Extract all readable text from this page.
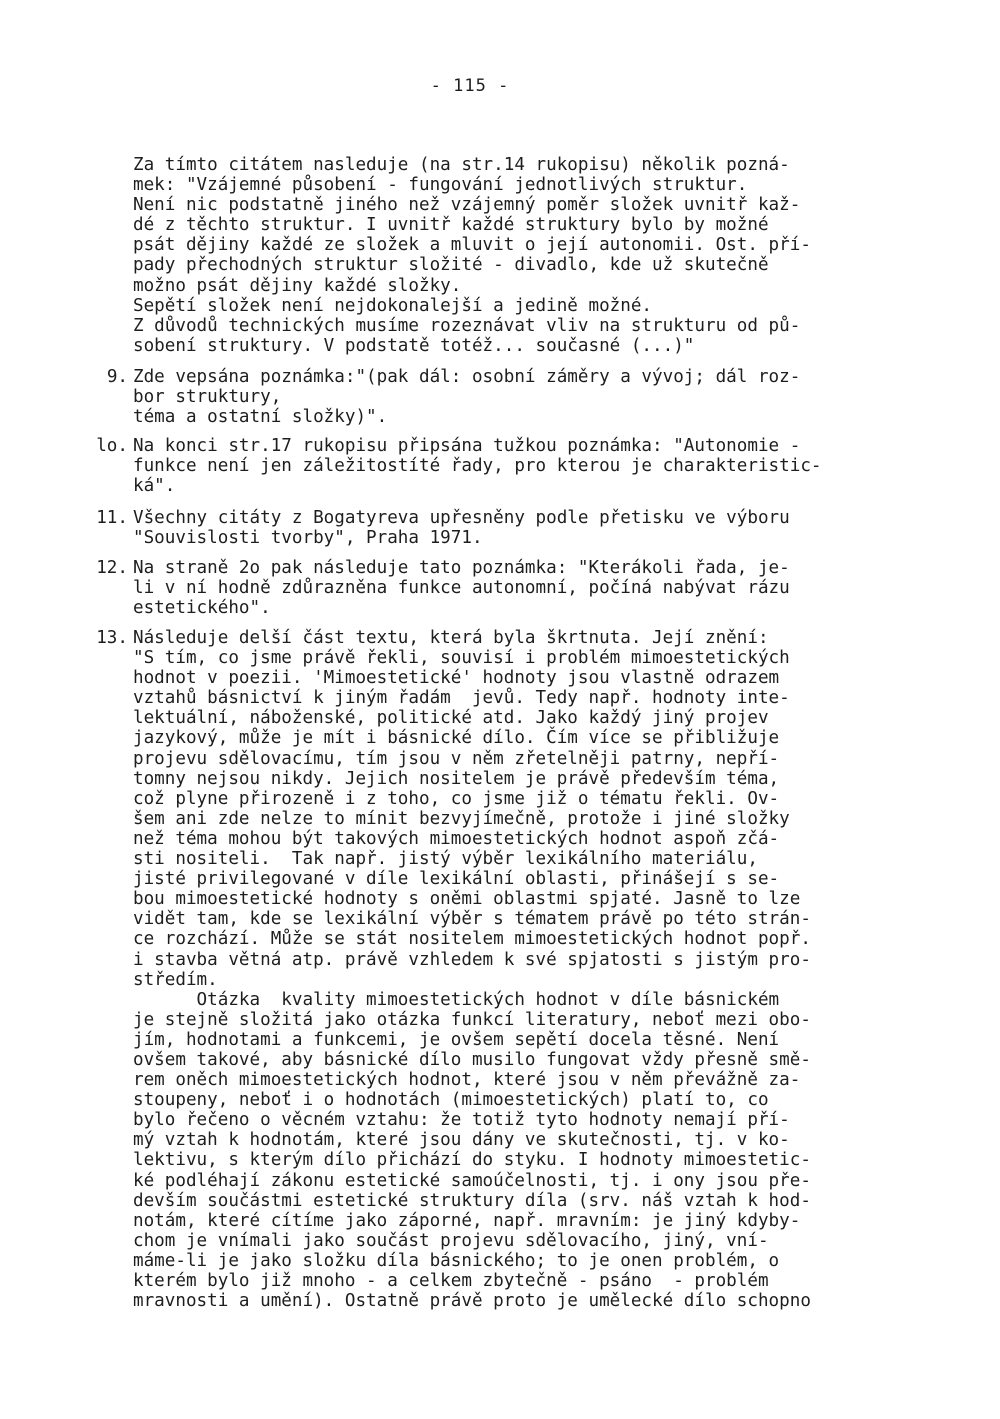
- 115 -
Za tímto citátem nasleduje (na str.14 rukopisu) několik pozná-
mek: "Vzájemné působení - fungování jednotlivých struktur.
Není nic podstatně jiného než vzájemný poměr složek uvnitř kaž-
dé z těchto struktur. I uvnitř každé struktury bylo by možné
psát dějiny každé ze složek a mluvit o její autonomii. Ost. pří-
pady přechodných struktur složité - divadlo, kde už skutečně
možno psát dějiny každé složky.
Sepětí složek není nejdokonalejší a jedině možné.
Z důvodů technických musíme rozeznávat vliv na strukturu od pů-
sobení struktury. V podstatě totéž... současné (...)"
9. Zde vepsána poznámka:"(pak dál: osobní záměry a vývoj; dál roz-
bor struktury,
téma a ostatní složky)".
lo. Na konci str.17 rukopisu připsána tužkou poznámka: "Autonomie -
funkce není jen záležitostíté řady, pro kterou je charakteristic-
ká".
11. Všechny citáty z Bogatyreva upřesněny podle přetisku ve výboru
"Souvislosti tvorby", Praha 1971.
12. Na straně 2o pak následuje tato poznámka: "Kterákoli řada, je-
li v ní hodně zdůrazněna funkce autonomní, počíná nabývat rázu
estetického".
13. Následuje delší část textu, která byla škrtnuta. Její znění:
"S tím, co jsme právě řekli, souvisí i problém mimoestetických
hodnot v poezii. 'Mimoestetické' hodnoty jsou vlastně odrazem
vztahů básnictví k jiným řadám  jevů. Tedy např. hodnoty inte-
lektuální, náboženské, politické atd. Jako každý jiný projev
jazykový, může je mít i básnické dílo. Čím více se přibližuje
projevu sdělovacímu, tím jsou v něm zřetelněji patrny, nepří-
tomny nejsou nikdy. Jejich nositelem je právě především téma,
což plyne přirozeně i z toho, co jsme již o tématu řekli. Ov-
šem ani zde nelze to mínit bezvyjímečně, protože i jiné složky
než téma mohou být takových mimoestetických hodnot aspoň zčá-
sti nositeli.  Tak např. jistý výběr lexikálního materiálu,
jisté privilegované v díle lexikální oblasti, přinášejí s se-
bou mimoestetické hodnoty s oněmi oblastmi spjaté. Jasně to lze
vidět tam, kde se lexikální výběr s tématem právě po této strán-
ce rozchází. Může se stát nositelem mimoestetických hodnot popř.
i stavba větná atp. právě vzhledem k své spjatosti s jistým pro-
středím.
Otázka  kvality mimoestetických hodnot v díle básnickém
je stejně složitá jako otázka funkcí literatury, neboť mezi obo-
jím, hodnotami a funkcemi, je ovšem sepětí docela těsné. Není
ovšem takové, aby básnické dílo musilo fungovat vždy přesně smě-
rem oněch mimoestetických hodnot, které jsou v něm převážně za-
stoupeny, neboť i o hodnotách (mimoestetických) platí to, co
bylo řečeno o věcném vztahu: že totiž tyto hodnoty nemají pří-
mý vztah k hodnotám, které jsou dány ve skutečnosti, tj. v ko-
lektivu, s kterým dílo přichází do styku. I hodnoty mimoestetic-
ké podléhají zákonu estetické samoúčelnosti, tj. i ony jsou pře-
devším součástmi estetické struktury díla (srv. náš vztah k hod-
notám, které cítíme jako záporné, např. mravním: je jiný kdyby-
chom je vnímali jako součást projevu sdělovacího, jiný, vní-
máme-li je jako složku díla básnického; to je onen problém, o
kterém bylo již mnoho - a celkem zbytečně - psáno  - problém
mravnosti a umění). Ostatně právě proto je umělecké dílo schopno
